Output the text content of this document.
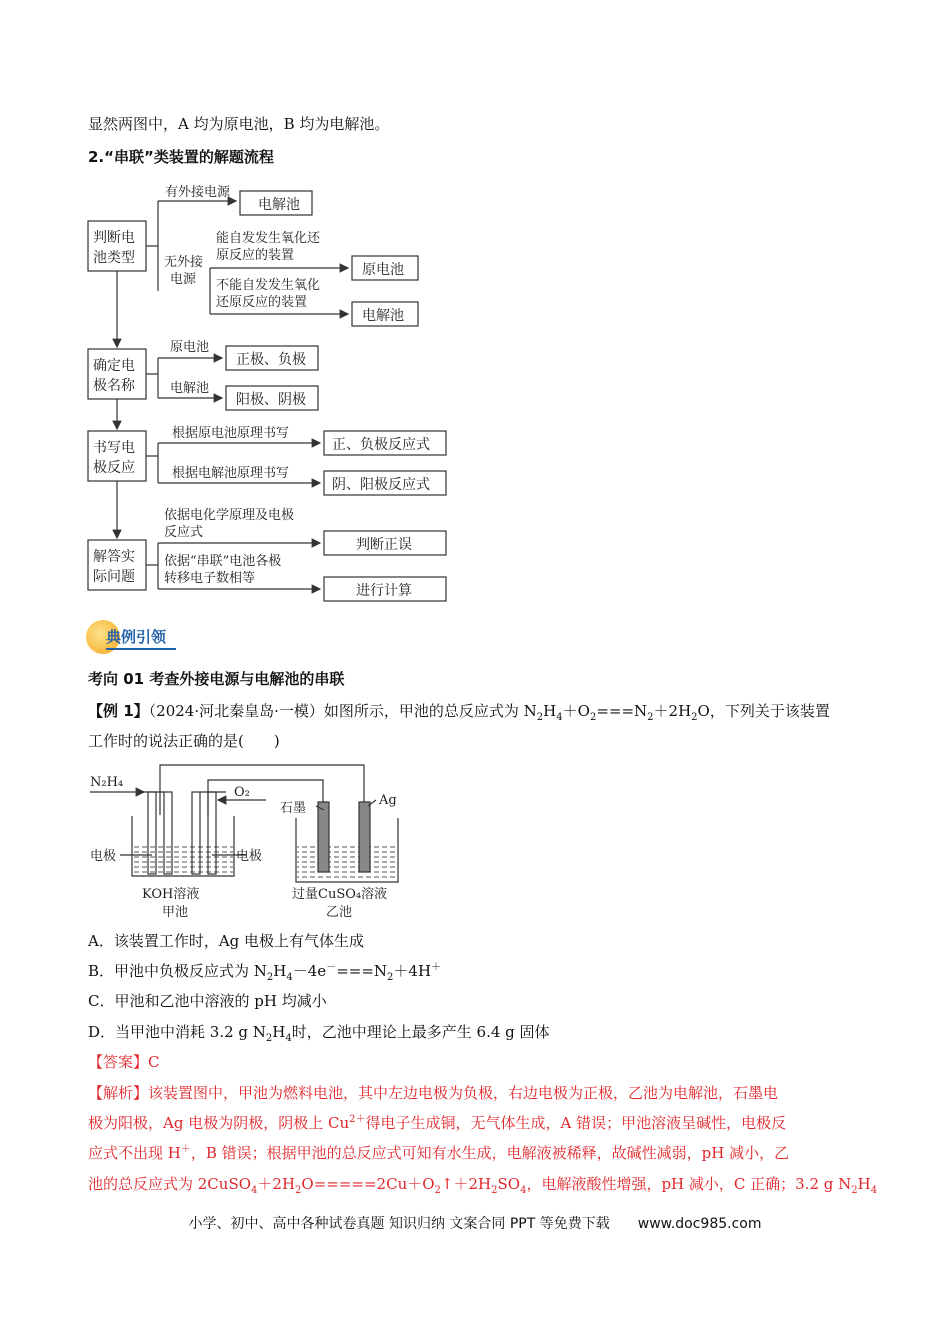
显然两图中，A 均为原电池，B 均为电解池。
2.“串联”类装置的解题流程
判断电
池类型
确定电
极名称
书写电
极反应
解答实
际问题
电解池
原电池
电解池
正极、负极
阳极、阴极
正、负极反应式
阴、阳极反应式
判断正误
进行计算
有外接电源
无外接
电源
能自发发生氧化还
原反应的装置
不能自发发生氧化
还原反应的装置
原电池
电解池
根据原电池原理书写
根据电解池原理书写
依据电化学原理及电极
反应式
依据“串联”电池各极
转移电子数相等
典例引领
考向 01 考查外接电源与电解池的串联
【例 1】（2024·河北秦皇岛·一模）如图所示，甲池的总反应式为 $N_2H_4+O_2===N_2+2H_2O$，下列关于该装置
工作时的说法正确的是(　　)
N₂H₄
O₂
石墨
Ag
电极	电极
KOH溶液
甲池
过量CuSO₄溶液
乙池
A．该装置工作时，Ag 电极上有气体生成
B．甲池中负极反应式为 $N_2H_4-4e^-===N_2+4H^+$
C．甲池和乙池中溶液的 pH 均减小
D．当甲池中消耗 3.2 g $N_2H_4$时，乙池中理论上最多产生 6.4 g 固体
【答案】C
【解析】该装置图中，甲池为燃料电池，其中左边电极为负极，右边电极为正极，乙池为电解池，石墨电
极为阳极，Ag 电极为阴极，阴极上 $Cu^{2+}$得电子生成铜，无气体生成，A 错误；甲池溶液呈碱性，电极反
应式不出现 H＋，B 错误；根据甲池的总反应式可知有水生成，电解液被稀释，故碱性减弱，pH 减小，乙
池的总反应式为 $2CuSO_4+2H_2O=====2Cu+O_2↑+2H_2SO_4$，电解液酸性增强，pH 减小，C 正确；3.2 g $N_2H_4$
小学、初中、高中各种试卷真题 知识归纳 文案合同 PPT 等免费下载 www.doc985.com
